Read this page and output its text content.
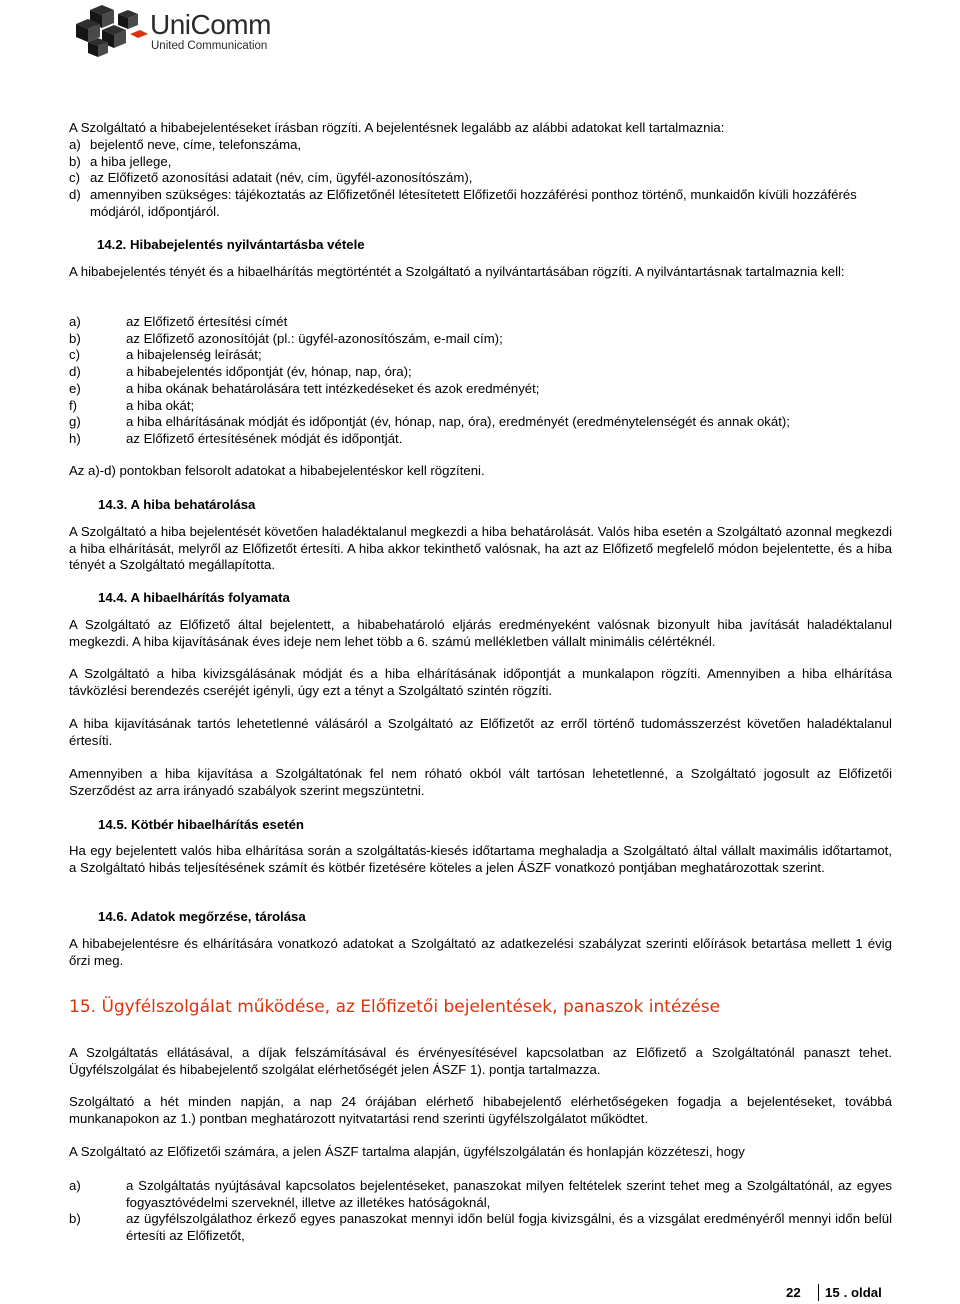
UniComm
United Communication

A Szolgáltató a hibabejelentéseket írásban rögzíti. A bejelentésnek legalább az alábbi adatokat kell tartalmaznia:

a) bejelentő neve, címe, telefonszáma,
b) a hiba jellege,
c) az Előfizető azonosítási adatait (név, cím, ügyfél-azonosítószám),
d) amennyiben szükséges: tájékoztatás az Előfizetőnél létesítetett Előfizetői hozzáférési ponthoz történő, munkaidőn kívüli hozzáférés módjáról, időpontjáról.

14.2. Hibabejelentés nyilvántartásba vétele

A hibabejelentés tényét és a hibaelhárítás megtörténtét a Szolgáltató a nyilvántartásában rögzíti. A nyilvántartásnak tartalmaznia kell:

a)	az Előfizető értesítési címét
b)	az Előfizető azonosítóját (pl.: ügyfél-azonosítószám, e-mail cím);
c)	a hibajelenség leírását;
d)	a hibabejelentés időpontját (év, hónap, nap, óra);
e)	a hiba okának behatárolására tett intézkedéseket és azok eredményét;
f)	a hiba okát;
g)	a hiba elhárításának módját és időpontját (év, hónap, nap, óra), eredményét (eredménytelenségét és annak okát);
h)	az Előfizető értesítésének módját és időpontját.

Az a)-d) pontokban felsorolt adatokat a hibabejelentéskor kell rögzíteni.

14.3. A hiba behatárolása

A Szolgáltató a hiba bejelentését követően haladéktalanul megkezdi a hiba behatárolását. Valós hiba esetén a Szolgáltató azonnal megkezdi a hiba elhárítását, melyről az Előfizetőt értesíti. A hiba akkor tekinthető valósnak, ha azt az Előfizető megfelelő módon bejelentette, és a hiba tényét a Szolgáltató megállapította.

14.4. A hibaelhárítás folyamata

A Szolgáltató az Előfizető által bejelentett, a hibabehatároló eljárás eredményeként valósnak bizonyult hiba javítását haladéktalanul megkezdi. A hiba kijavításának éves ideje nem lehet több a 6. számú mellékletben vállalt minimális célértéknél.

A Szolgáltató a hiba kivizsgálásának módját és a hiba elhárításának időpontját a munkalapon rögzíti. Amennyiben a hiba elhárítása távközlési berendezés cseréjét igényli, úgy ezt a tényt a Szolgáltató szintén rögzíti.

A hiba kijavításának tartós lehetetlenné válásáról a Szolgáltató az Előfizetőt az erről történő tudomásszerzést követően haladéktalanul értesíti.

Amennyiben a hiba kijavítása a Szolgáltatónak fel nem róható okból vált tartósan lehetetlenné, a Szolgáltató jogosult az Előfizetői Szerződést az arra irányadó szabályok szerint megszüntetni.

14.5. Kötbér hibaelhárítás esetén

Ha egy bejelentett valós hiba elhárítása során a szolgáltatás-kiesés időtartama meghaladja a Szolgáltató által vállalt maximális időtartamot, a Szolgáltató hibás teljesítésének számít és kötbér fizetésére köteles a jelen ÁSZF vonatkozó pontjában meghatározottak szerint.

14.6. Adatok megőrzése, tárolása

A hibabejelentésre és elhárítására vonatkozó adatokat a Szolgáltató az adatkezelési szabályzat szerinti előírások betartása mellett 1 évig őrzi meg.

15. Ügyfélszolgálat működése, az Előfizetői bejelentések, panaszok intézése

A Szolgáltatás ellátásával, a díjak felszámításával és érvényesítésével kapcsolatban az Előfizető a Szolgáltatónál panaszt tehet. Ügyfélszolgálat és hibabejelentő szolgálat elérhetőségét jelen ÁSZF 1). pontja tartalmazza.

Szolgáltató a hét minden napján, a nap 24 órájában elérhető hibabejelentő elérhetőségeken fogadja a bejelentéseket, továbbá munkanapokon az 1.) pontban meghatározott nyitvatartási rend szerinti ügyfélszolgálatot működtet.

A Szolgáltató az Előfizetői számára, a jelen ÁSZF tartalma alapján, ügyfélszolgálatán és honlapján közzéteszi, hogy

a)	a Szolgáltatás nyújtásával kapcsolatos bejelentéseket, panaszokat milyen feltételek szerint tehet meg a Szolgáltatónál, az egyes fogyasztóvédelmi szerveknél, illetve az illetékes hatóságoknál,
b)	az ügyfélszolgálathoz érkező egyes panaszokat mennyi időn belül fogja kivizsgálni, és a vizsgálat eredményéről mennyi időn belül értesíti az Előfizetőt,
22	15 . oldal
